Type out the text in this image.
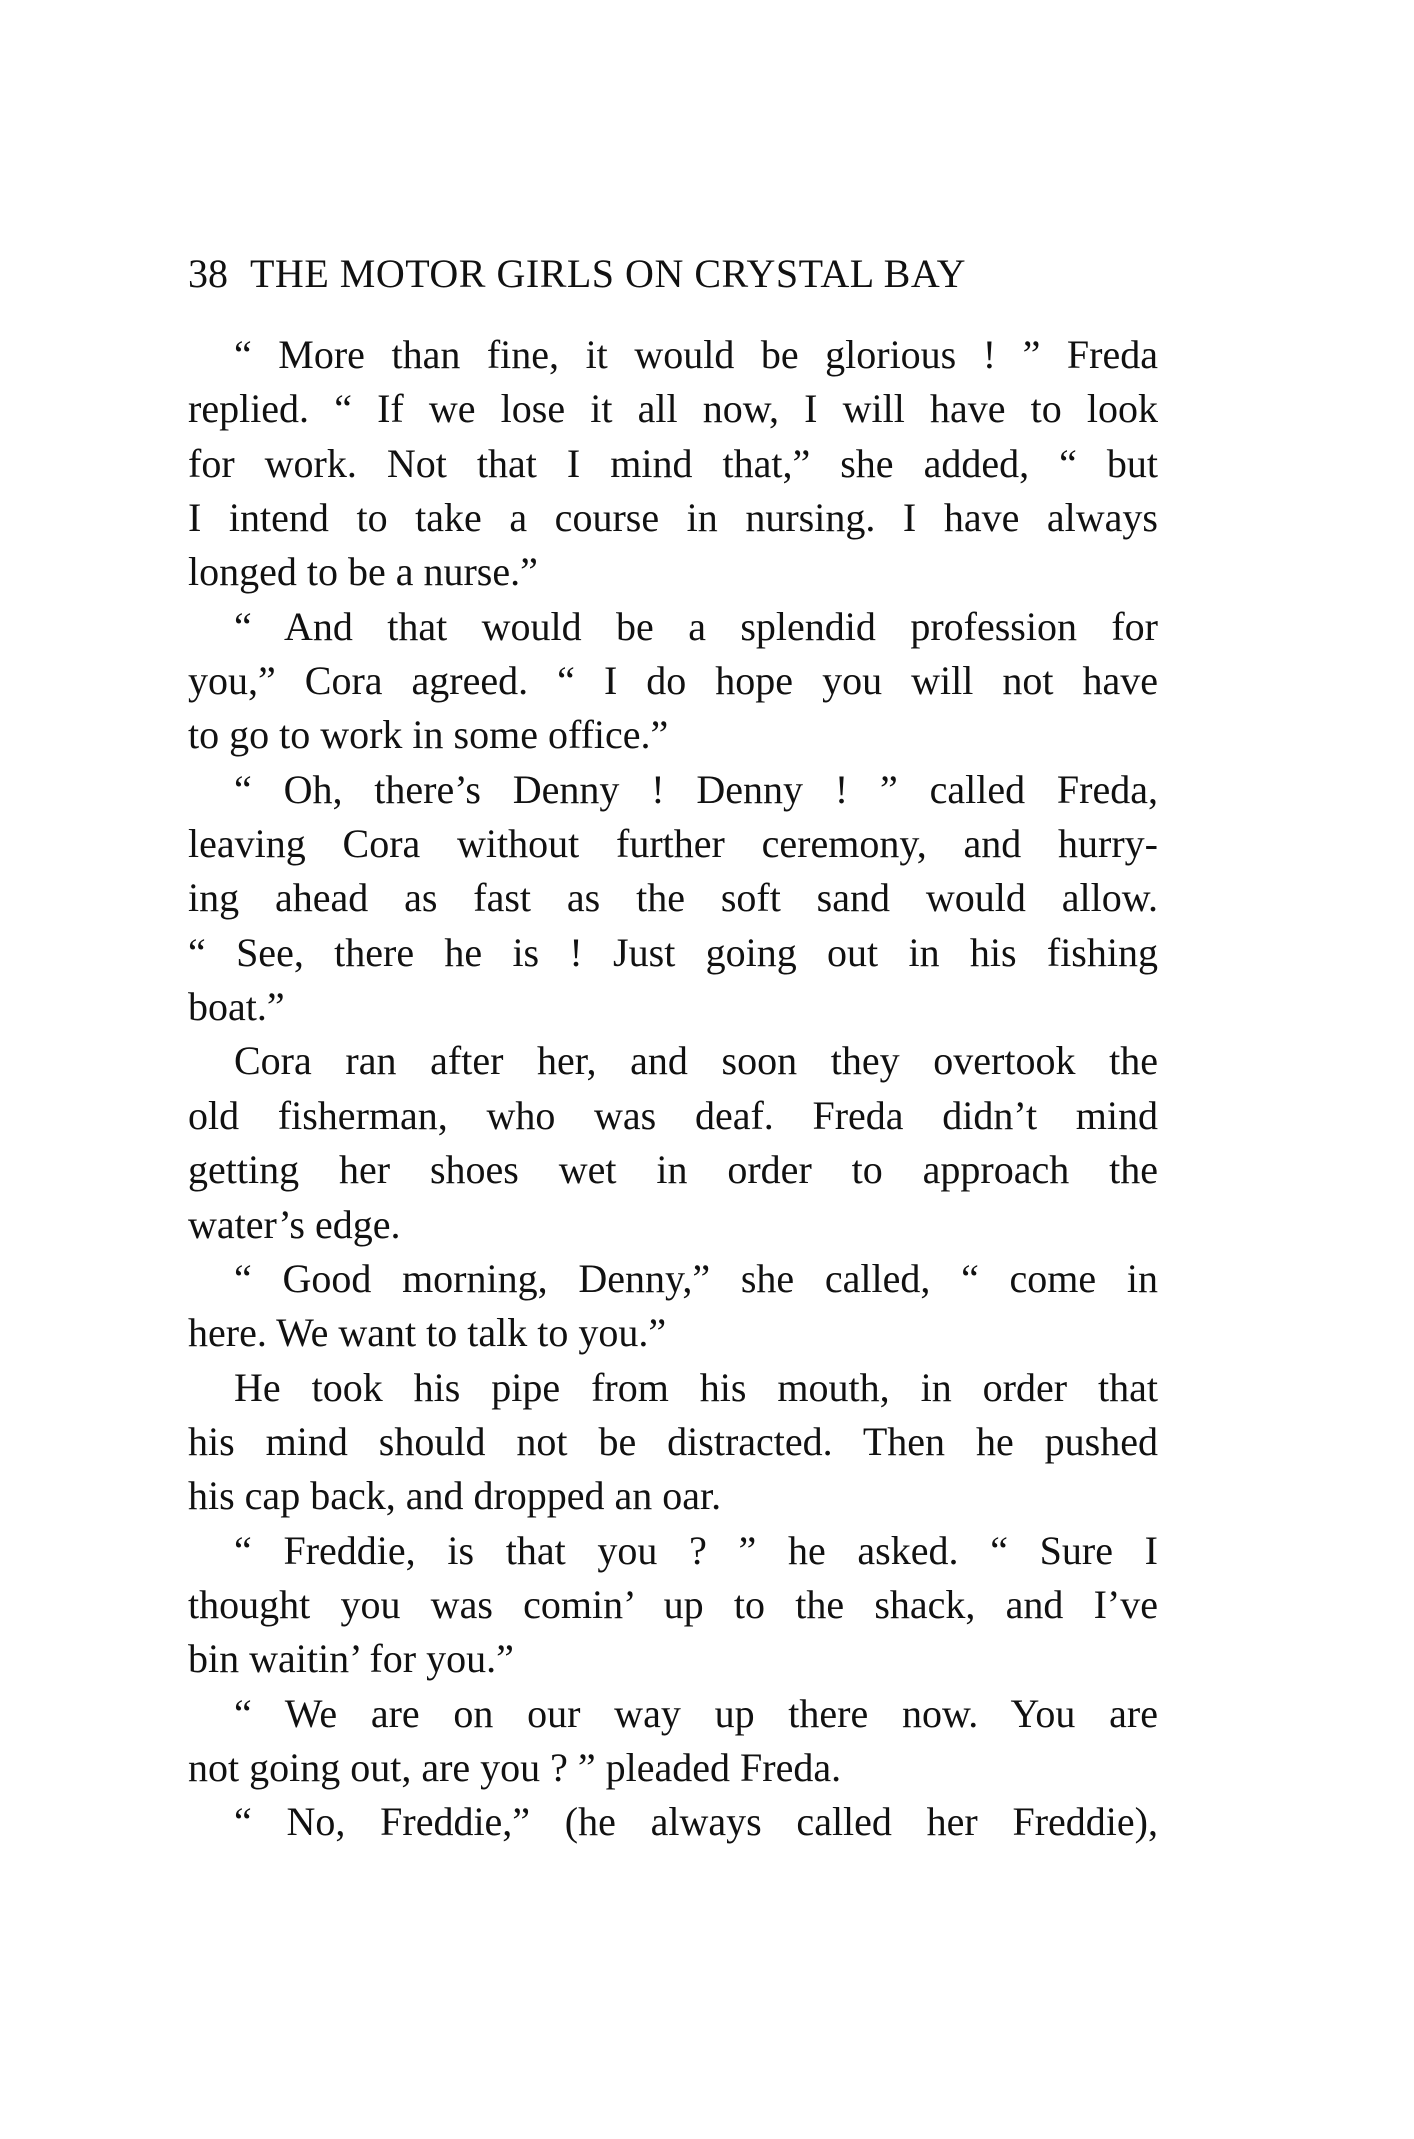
38 THE MOTOR GIRLS ON CRYSTAL BAY
“ More than fine, it would be glorious ! ” Freda
replied. “ If we lose it all now, I will have to look
for work. Not that I mind that,” she added, “ but
I intend to take a course in nursing. I have always
longed to be a nurse.”
“ And that would be a splendid profession for
you,” Cora agreed. “ I do hope you will not have
to go to work in some office.”
“ Oh, there’s Denny ! Denny ! ” called Freda,
leaving Cora without further ceremony, and hurry-
ing ahead as fast as the soft sand would allow.
“ See, there he is ! Just going out in his fishing
boat.”
Cora ran after her, and soon they overtook the
old fisherman, who was deaf. Freda didn’t mind
getting her shoes wet in order to approach the
water’s edge.
“ Good morning, Denny,” she called, “ come in
here. We want to talk to you.”
He took his pipe from his mouth, in order that
his mind should not be distracted. Then he pushed
his cap back, and dropped an oar.
“ Freddie, is that you ? ” he asked. “ Sure I
thought you was comin’ up to the shack, and I’ve
bin waitin’ for you.”
“ We are on our way up there now. You are
not going out, are you ? ” pleaded Freda.
“ No, Freddie,” (he always called her Freddie),
